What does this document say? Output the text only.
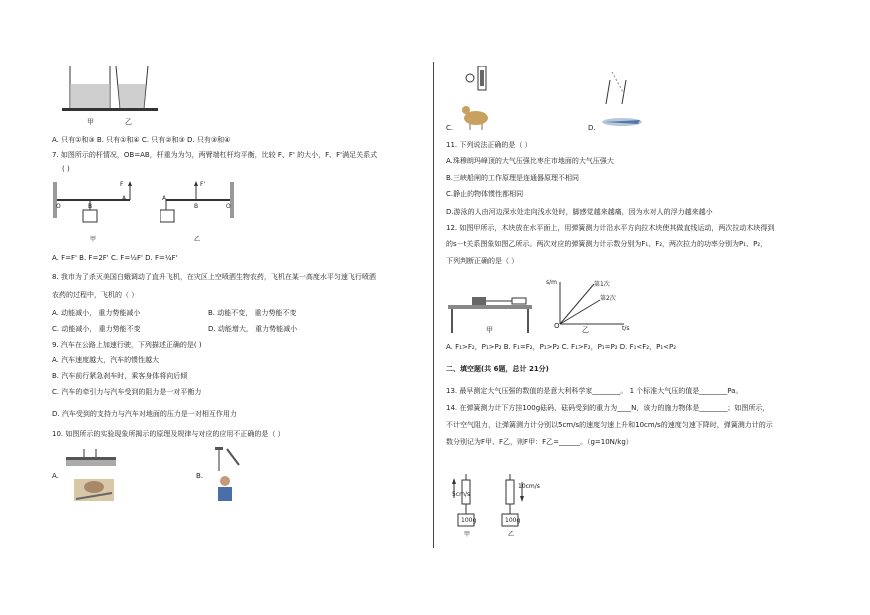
甲	乙
A. 只有①和③ B. 只有①和④ C. 只有②和③ D. 只有③和④
7. 如图所示的杆情况，OB=AB，杆重为为匀，两臂端杠杆均平衡，比较 F、F' 的大小，F、F'满足关系式
( )
F
O	B
A
甲
F'
A
B	O
乙
A. F=F' B. F=2F' C. F=½F' D. F=¼F'
8. 我市为了杀灭美国白蛾调动了直升飞机，在灾区上空喷洒生物农药，飞机在某一高度水平匀速飞行喷洒
农药的过程中，飞机的（ ）
A. 动能减小， 重力势能减小	B. 动能不变， 重力势能不变
C. 动能减小， 重力势能不变	D. 动能增大， 重力势能减小
9. 汽车在公路上加速行驶，下列描述正确的是( )
A. 汽车速度越大，汽车的惯性越大
B. 汽车前行紧急刹车时，乘客身体将向后倾
C. 汽车的牵引力与汽车受到的阻力是一对平衡力
D. 汽车受到的支持力与汽车对地面的压力是一对相互作用力
10. 如图所示的实验现象所揭示的原理及规律与对应的应用不正确的是（ ）
A.	B.
C.	D.
11. 下列说法正确的是（ ）
A.珠穆朗玛峰顶的大气压强比枣庄市地面的大气压强大
B.三峡船闸的工作原理是连通器原理不相同
C.静止的物体惯性都相同
D.游泳的人由河边深水处走向浅水处时，脚感觉越来越痛，因为水对人的浮力越来越小
12. 如图甲所示，木块放在水平面上，用弹簧测力计沿水平方向拉木块使其做直线运动，两次拉动木块得到
的s－t关系图象如图乙所示。两次对应的弹簧测力计示数分别为F₁、F₂，两次拉力的功率分别为P₁、P₂，
下列判断正确的是（ ）
甲
s/m	第1次
第2次
O	乙	t/s
A. F₁>F₂，P₁>P₂ B. F₁=F₂，P₁>P₂ C. F₁>F₂，P₁=P₂ D. F₁<F₂，P₁<P₂
二、填空题(共 6题，总计 21分)
13. 最早测定大气压强的数值的是意大利科学家________。 1 个标准大气压的值是________Pa。
14. 在弹簧测力计下方挂100g砝码，砝码受到的重力为____N，该力的施力物体是________；如图所示，
不计空气阻力，让弹簧测力计分别以5cm/s的速度匀速上升和10cm/s的速度匀速下降时，弹簧测力计的示
数分别记为F甲、F乙，则F甲：F乙=______。（g=10N/kg）
5cm/s
100g
甲
10cm/s
100g
乙
